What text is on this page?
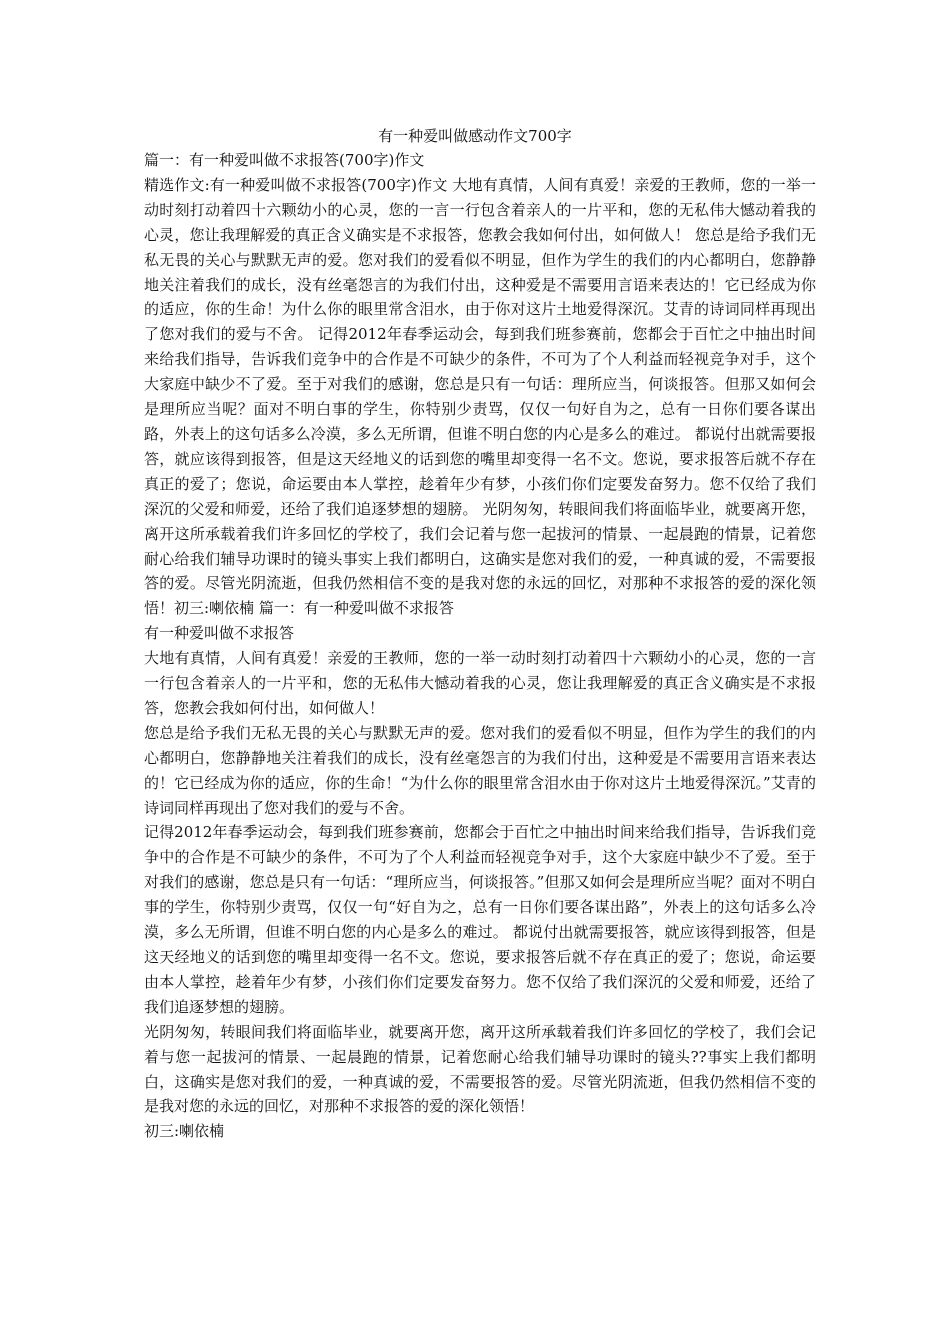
有一种爱叫做感动作文700字

篇一：有一种爱叫做不求报答(700字)作文

精选作文:有一种爱叫做不求报答(700字)作文 大地有真情，人间有真爱！亲爱的王教师，您的一举一动时刻打动着四十六颗幼小的心灵，您的一言一行包含着亲人的一片平和，您的无私伟大憾动着我的心灵，您让我理解爱的真正含义确实是不求报答，您教会我如何付出，如何做人！ 您总是给予我们无私无畏的关心与默默无声的爱。您对我们的爱看似不明显，但作为学生的我们的内心都明白，您静静地关注着我们的成长，没有丝毫怨言的为我们付出，这种爱是不需要用言语来表达的！它已经成为你的适应，你的生命！为什么你的眼里常含泪水，由于你对这片土地爱得深沉。艾青的诗词同样再现出了您对我们的爱与不舍。 记得2012年春季运动会，每到我们班参赛前，您都会于百忙之中抽出时间来给我们指导，告诉我们竞争中的合作是不可缺少的条件，不可为了个人利益而轻视竞争对手，这个大家庭中缺少不了爱。至于对我们的感谢，您总是只有一句话：理所应当，何谈报答。但那又如何会是理所应当呢？面对不明白事的学生，你特别少责骂，仅仅一句好自为之，总有一日你们要各谋出路，外表上的这句话多么冷漠，多么无所谓，但谁不明白您的内心是多么的难过。 都说付出就需要报答，就应该得到报答，但是这天经地义的话到您的嘴里却变得一名不文。您说，要求报答后就不存在真正的爱了；您说，命运要由本人掌控，趁着年少有梦，小孩们你们定要发奋努力。您不仅给了我们深沉的父爱和师爱，还给了我们追逐梦想的翅膀。 光阴匆匆，转眼间我们将面临毕业，就要离开您，离开这所承载着我们许多回忆的学校了，我们会记着与您一起拔河的情景、一起晨跑的情景，记着您耐心给我们辅导功课时的镜头事实上我们都明白，这确实是您对我们的爱，一种真诚的爱，不需要报答的爱。尽管光阴流逝，但我仍然相信不变的是我对您的永远的回忆，对那种不求报答的爱的深化领悟！初三:喇依楠 篇一：有一种爱叫做不求报答

有一种爱叫做不求报答

大地有真情，人间有真爱！亲爱的王教师，您的一举一动时刻打动着四十六颗幼小的心灵，您的一言一行包含着亲人的一片平和，您的无私伟大憾动着我的心灵，您让我理解爱的真正含义确实是不求报答，您教会我如何付出，如何做人！

您总是给予我们无私无畏的关心与默默无声的爱。您对我们的爱看似不明显，但作为学生的我们的内心都明白，您静静地关注着我们的成长，没有丝毫怨言的为我们付出，这种爱是不需要用言语来表达的！它已经成为你的适应，你的生命！“为什么你的眼里常含泪水由于你对这片土地爱得深沉。”艾青的诗词同样再现出了您对我们的爱与不舍。

记得2012年春季运动会，每到我们班参赛前，您都会于百忙之中抽出时间来给我们指导，告诉我们竞争中的合作是不可缺少的条件，不可为了个人利益而轻视竞争对手，这个大家庭中缺少不了爱。至于对我们的感谢，您总是只有一句话：“理所应当，何谈报答。”但那又如何会是理所应当呢？面对不明白事的学生，你特别少责骂，仅仅一句“好自为之，总有一日你们要各谋出路”，外表上的这句话多么冷漠，多么无所谓，但谁不明白您的内心是多么的难过。 都说付出就需要报答，就应该得到报答，但是这天经地义的话到您的嘴里却变得一名不文。您说，要求报答后就不存在真正的爱了；您说，命运要由本人掌控，趁着年少有梦，小孩们你们定要发奋努力。您不仅给了我们深沉的父爱和师爱，还给了我们追逐梦想的翅膀。

光阴匆匆，转眼间我们将面临毕业，就要离开您，离开这所承载着我们许多回忆的学校了，我们会记着与您一起拔河的情景、一起晨跑的情景，记着您耐心给我们辅导功课时的镜头??事实上我们都明白，这确实是您对我们的爱，一种真诚的爱，不需要报答的爱。尽管光阴流逝，但我仍然相信不变的是我对您的永远的回忆，对那种不求报答的爱的深化领悟！

初三:喇依楠
